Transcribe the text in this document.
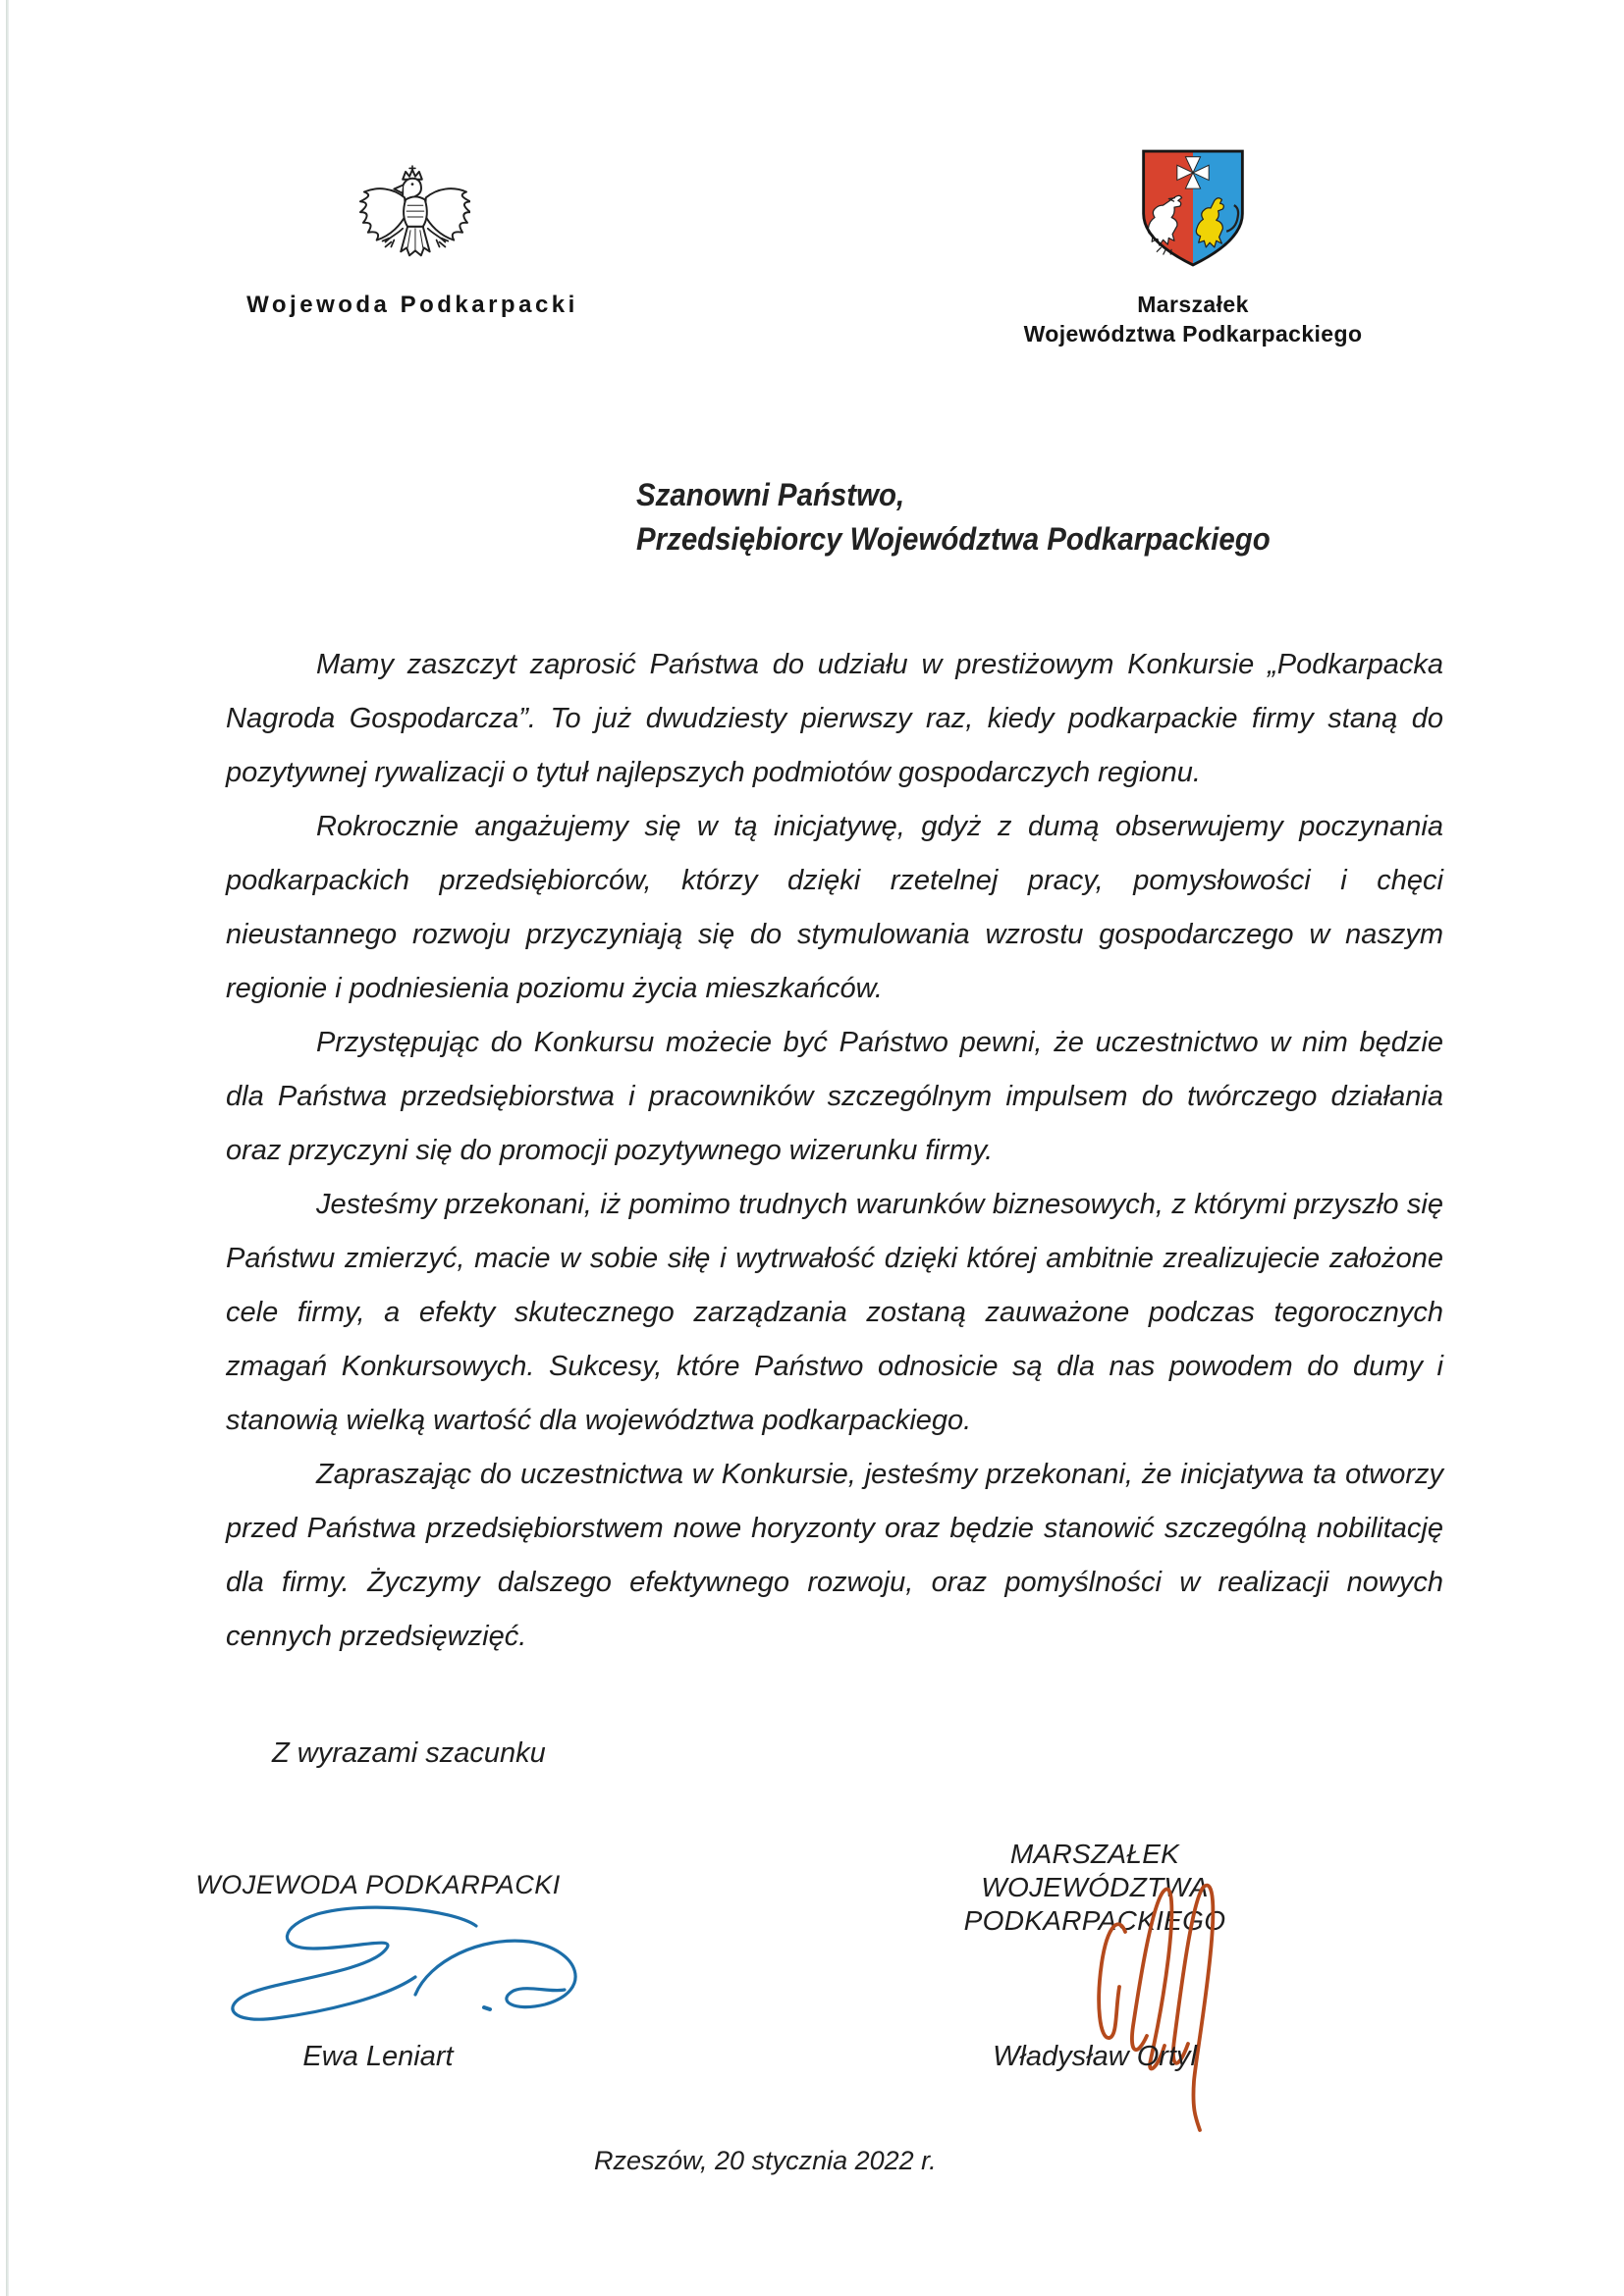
Wojewoda Podkarpacki	Marszałek
Województwa Podkarpackiego
Szanowni Państwo,
Przedsiębiorcy Województwa Podkarpackiego

Mamy zaszczyt zaprosić Państwa do udziału w prestiżowym Konkursie „Podkarpacka Nagroda Gospodarcza”. To już dwudziesty pierwszy raz, kiedy podkarpackie firmy staną do pozytywnej rywalizacji o tytuł najlepszych podmiotów gospodarczych regionu.

Rokrocznie angażujemy się w tą inicjatywę, gdyż z dumą obserwujemy poczynania podkarpackich przedsiębiorców, którzy dzięki rzetelnej pracy, pomysłowości i chęci nieustannego rozwoju przyczyniają się do stymulowania wzrostu gospodarczego w naszym regionie i podniesienia poziomu życia mieszkańców.

Przystępując do Konkursu możecie być Państwo pewni, że uczestnictwo w nim będzie dla Państwa przedsiębiorstwa i pracowników szczególnym impulsem do twórczego działania oraz przyczyni się do promocji pozytywnego wizerunku firmy.

Jesteśmy przekonani, iż pomimo trudnych warunków biznesowych, z którymi przyszło się Państwu zmierzyć, macie w sobie siłę i wytrwałość dzięki której ambitnie zrealizujecie założone cele firmy, a efekty skutecznego zarządzania zostaną zauważone podczas tegorocznych zmagań Konkursowych. Sukcesy, które Państwo odnosicie są dla nas powodem do dumy i stanowią wielką wartość dla województwa podkarpackiego.

Zapraszając do uczestnictwa w Konkursie, jesteśmy przekonani, że inicjatywa ta otworzy przed Państwa przedsiębiorstwem nowe horyzonty oraz będzie stanowić szczególną nobilitację dla firmy. Życzymy dalszego efektywnego rozwoju, oraz pomyślności w realizacji nowych cennych przedsięwzięć.

Z wyrazami szacunku
WOJEWODA PODKARPACKI
Ewa Leniart
MARSZAŁEK
WOJEWÓDZTWA PODKARPACKIEGO
Władysław Ortyl
Rzeszów, 20 stycznia 2022 r.
